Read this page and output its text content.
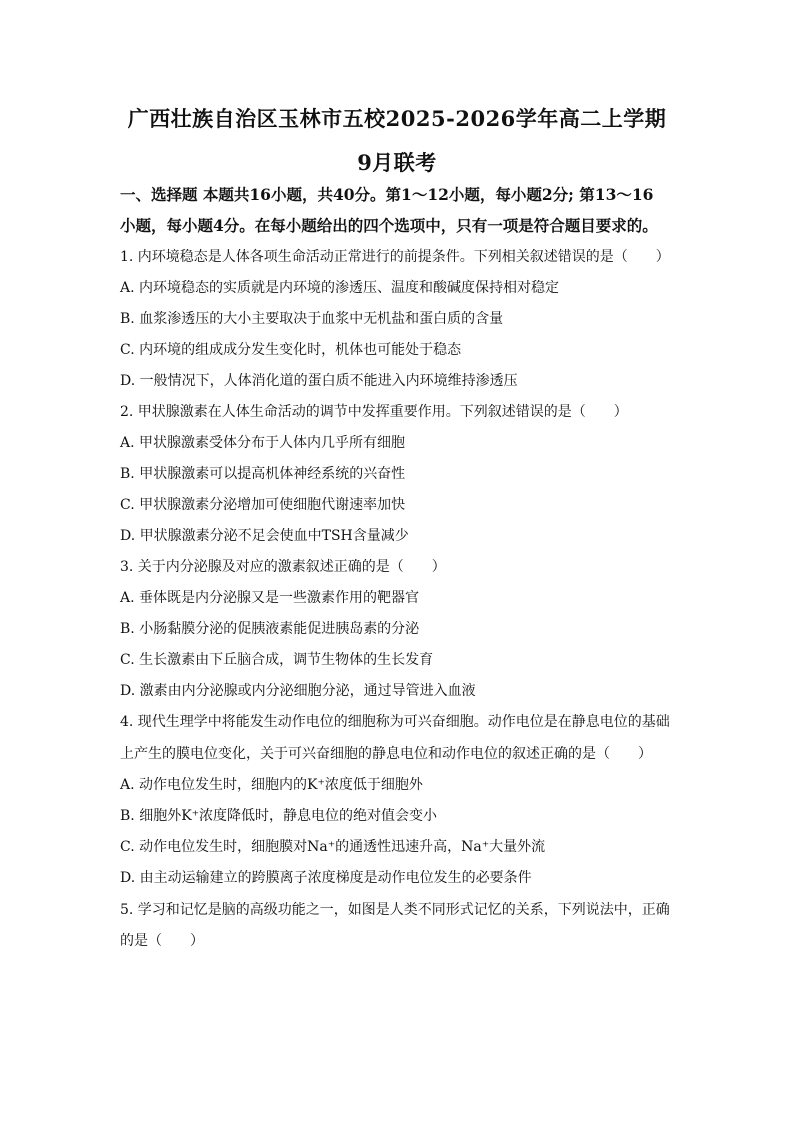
广西壮族自治区玉林市五校2025-2026学年高二上学期
9月联考
一、选择题 本题共16小题，共40分。第1～12小题，每小题2分; 第13～16
小题，每小题4分。在每小题给出的四个选项中，只有一项是符合题目要求的。
1. 内环境稳态是人体各项生命活动正常进行的前提条件。下列相关叙述错误的是（　　）
A. 内环境稳态的实质就是内环境的渗透压、温度和酸碱度保持相对稳定
B. 血浆渗透压的大小主要取决于血浆中无机盐和蛋白质的含量
C. 内环境的组成成分发生变化时，机体也可能处于稳态
D. 一般情况下，人体消化道的蛋白质不能进入内环境维持渗透压
2. 甲状腺激素在人体生命活动的调节中发挥重要作用。下列叙述错误的是（　　）
A. 甲状腺激素受体分布于人体内几乎所有细胞
B. 甲状腺激素可以提高机体神经系统的兴奋性
C. 甲状腺激素分泌增加可使细胞代谢速率加快
D. 甲状腺激素分泌不足会使血中TSH含量减少
3. 关于内分泌腺及对应的激素叙述正确的是（　　）
A. 垂体既是内分泌腺又是一些激素作用的靶器官
B. 小肠黏膜分泌的促胰液素能促进胰岛素的分泌
C. 生长激素由下丘脑合成，调节生物体的生长发育
D. 激素由内分泌腺或内分泌细胞分泌，通过导管进入血液
4. 现代生理学中将能发生动作电位的细胞称为可兴奋细胞。动作电位是在静息电位的基础
上产生的膜电位变化，关于可兴奋细胞的静息电位和动作电位的叙述正确的是（　　）
A. 动作电位发生时，细胞内的K⁺浓度低于细胞外
B. 细胞外K⁺浓度降低时，静息电位的绝对值会变小
C. 动作电位发生时，细胞膜对Na⁺的通透性迅速升高，Na⁺大量外流
D. 由主动运输建立的跨膜离子浓度梯度是动作电位发生的必要条件
5. 学习和记忆是脑的高级功能之一，如图是人类不同形式记忆的关系，下列说法中，正确
的是（　　）
